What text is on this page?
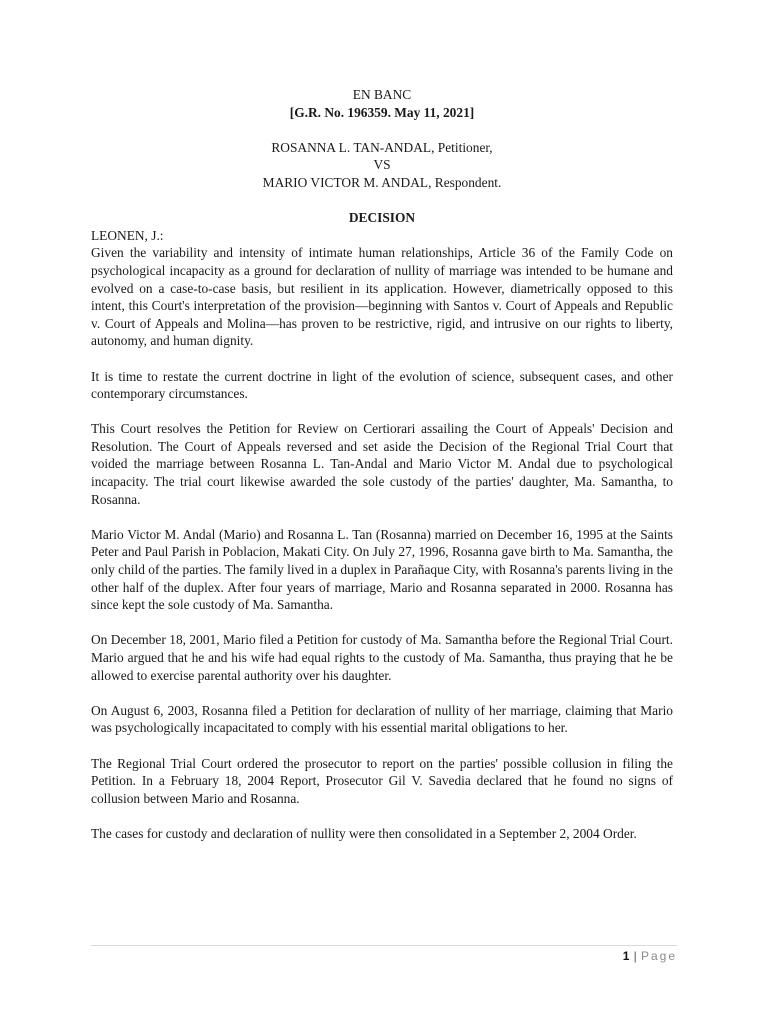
EN BANC

[G.R. No. 196359. May 11, 2021]

ROSANNA L. TAN-ANDAL, Petitioner,

VS

MARIO VICTOR M. ANDAL, Respondent.

DECISION

LEONEN, J.:

Given the variability and intensity of intimate human relationships, Article 36 of the Family Code on psychological incapacity as a ground for declaration of nullity of marriage was intended to be humane and evolved on a case-to-case basis, but resilient in its application. However, diametrically opposed to this intent, this Court's interpretation of the provision—beginning with Santos v. Court of Appeals and Republic v. Court of Appeals and Molina—has proven to be restrictive, rigid, and intrusive on our rights to liberty, autonomy, and human dignity.

It is time to restate the current doctrine in light of the evolution of science, subsequent cases, and other contemporary circumstances.

This Court resolves the Petition for Review on Certiorari assailing the Court of Appeals' Decision and Resolution. The Court of Appeals reversed and set aside the Decision of the Regional Trial Court that voided the marriage between Rosanna L. Tan-Andal and Mario Victor M. Andal due to psychological incapacity. The trial court likewise awarded the sole custody of the parties' daughter, Ma. Samantha, to Rosanna.

Mario Victor M. Andal (Mario) and Rosanna L. Tan (Rosanna) married on December 16, 1995 at the Saints Peter and Paul Parish in Poblacion, Makati City. On July 27, 1996, Rosanna gave birth to Ma. Samantha, the only child of the parties. The family lived in a duplex in Parañaque City, with Rosanna's parents living in the other half of the duplex. After four years of marriage, Mario and Rosanna separated in 2000. Rosanna has since kept the sole custody of Ma. Samantha.

On December 18, 2001, Mario filed a Petition for custody of Ma. Samantha before the Regional Trial Court. Mario argued that he and his wife had equal rights to the custody of Ma. Samantha, thus praying that he be allowed to exercise parental authority over his daughter.

On August 6, 2003, Rosanna filed a Petition for declaration of nullity of her marriage, claiming that Mario was psychologically incapacitated to comply with his essential marital obligations to her.

The Regional Trial Court ordered the prosecutor to report on the parties' possible collusion in filing the Petition. In a February 18, 2004 Report, Prosecutor Gil V. Savedia declared that he found no signs of collusion between Mario and Rosanna.

The cases for custody and declaration of nullity were then consolidated in a September 2, 2004 Order.

1 | Page
